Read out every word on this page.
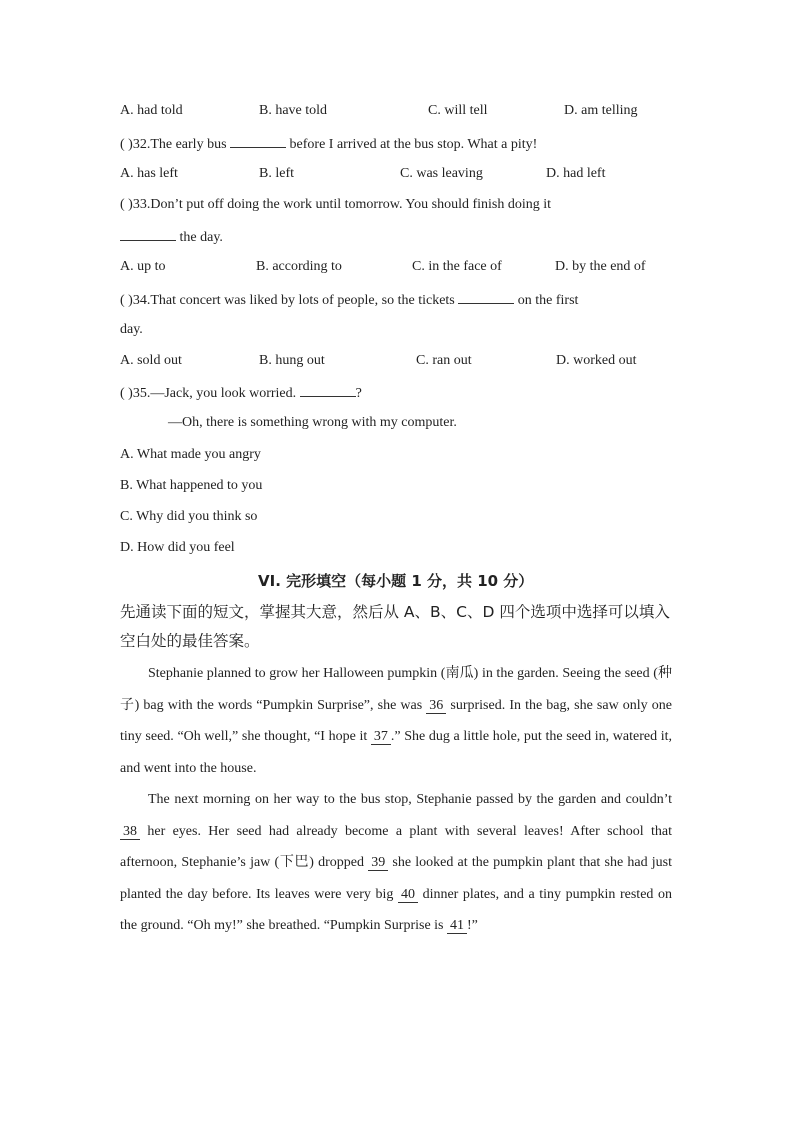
A. had told	B. have told	C. will tell	D. am telling
( )32.The early bus	before I arrived at the bus stop. What a pity!
A. has left	B. left	C. was leaving	D. had left
( )33.Don’t put off doing the work until tomorrow. You should finish doing it
the day.
A. up to	B. according to	C. in the face of	D. by the end of
( )34.That concert was liked by lots of people, so the tickets	on the first
day.
A. sold out	B. hung out	C. ran out	D. worked out
( )35.—Jack, you look worried.	?
—Oh, there is something wrong with my computer.
A. What made you angry
B. What happened to you
C. Why did you think so
D. How did you feel
VI. 完形填空（每小题 1 分，共 10 分）
先通读下面的短文，掌握其大意，然后从 A、B、C、D 四个选项中选择可以填入空白处的最佳答案。
Stephanie planned to grow her Halloween pumpkin (南瓜) in the garden. Seeing the seed (种子) bag with the words “Pumpkin Surprise”, she was 36 surprised. In the bag, she saw only one tiny seed. “Oh well,” she thought, “I hope it 37 .” She dug a little hole, put the seed in, watered it, and went into the house.
The next morning on her way to the bus stop, Stephanie passed by the garden and couldn’t 38 her eyes. Her seed had already become a plant with several leaves! After school that afternoon, Stephanie’s jaw (下巴) dropped 39 she looked at the pumpkin plant that she had just planted the day before. Its leaves were very big 40 dinner plates, and a tiny pumpkin rested on the ground. “Oh my!” she breathed. “Pumpkin Surprise is 41 !”
